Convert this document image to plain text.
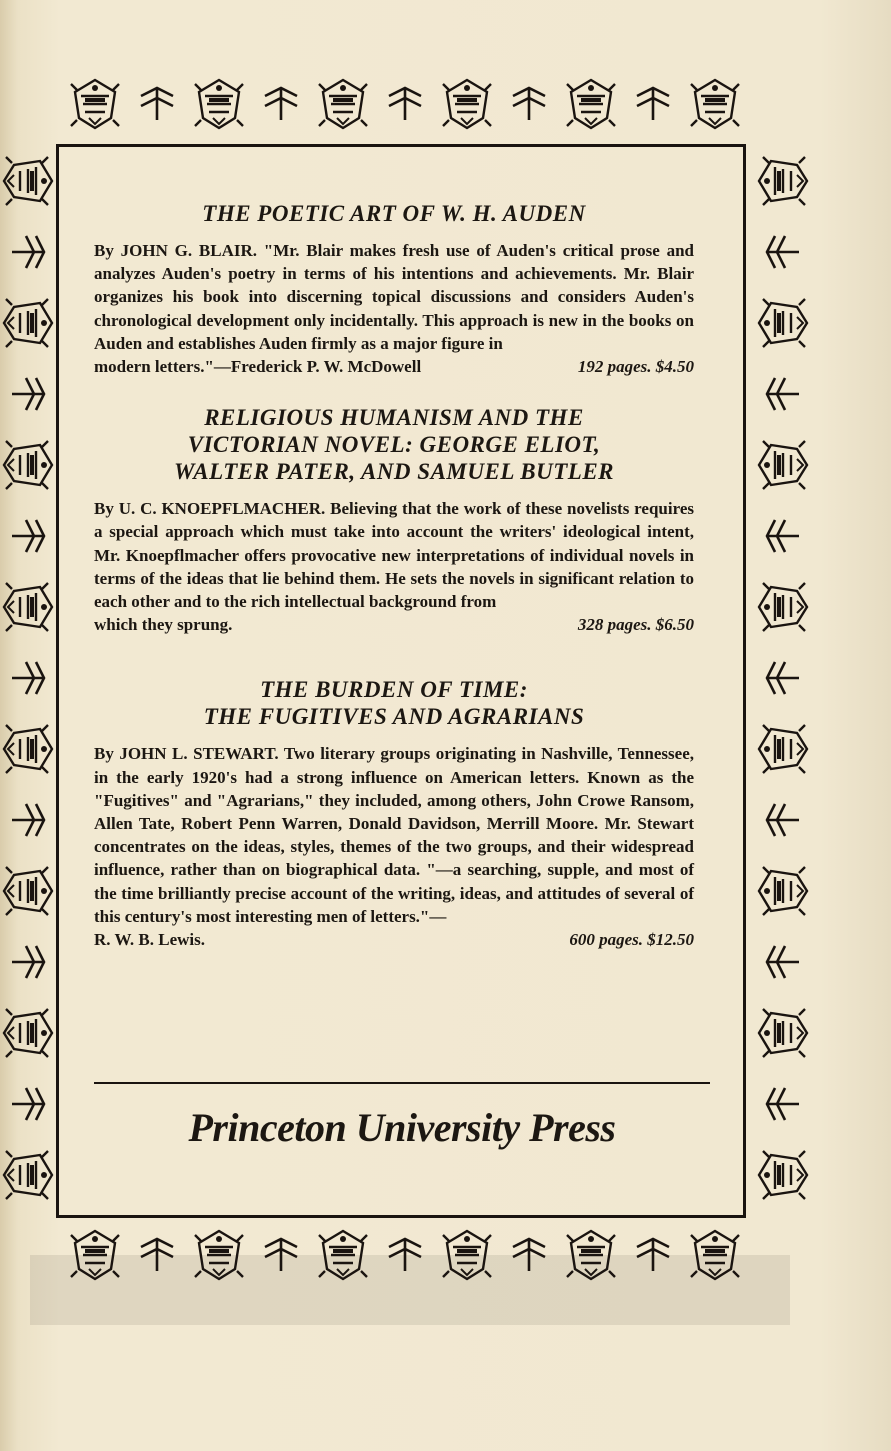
THE POETIC ART OF W. H. AUDEN

By JOHN G. BLAIR. "Mr. Blair makes fresh use of Auden's critical prose and analyzes Auden's poetry in terms of his intentions and achievements. Mr. Blair organizes his book into discerning topical discussions and considers Auden's chronological development only incidentally. This approach is new in the books on Auden and establishes Auden firmly as a major figure in
modern letters."—Frederick P. W. McDowell	192 pages. $4.50

RELIGIOUS HUMANISM AND THE
VICTORIAN NOVEL: GEORGE ELIOT,
WALTER PATER, AND SAMUEL BUTLER

By U. C. KNOEPFLMACHER. Believing that the work of these novelists requires a special approach which must take into account the writers' ideological intent, Mr. Knoepflmacher offers provocative new interpretations of individual novels in terms of the ideas that lie behind them. He sets the novels in significant relation to each other and to the rich intellectual background from
which they sprung.	328 pages. $6.50

THE BURDEN OF TIME:
THE FUGITIVES AND AGRARIANS

By JOHN L. STEWART. Two literary groups originating in Nashville, Tennessee, in the early 1920's had a strong influence on American letters. Known as the "Fugitives" and "Agrarians," they included, among others, John Crowe Ransom, Allen Tate, Robert Penn Warren, Donald Davidson, Merrill Moore. Mr. Stewart concentrates on the ideas, styles, themes of the two groups, and their widespread influence, rather than on biographical data. "—a searching, supple, and most of the time brilliantly precise account of the writing, ideas, and attitudes of several of this century's most interesting men of letters."—
R. W. B. Lewis.	600 pages. $12.50

Princeton University Press
